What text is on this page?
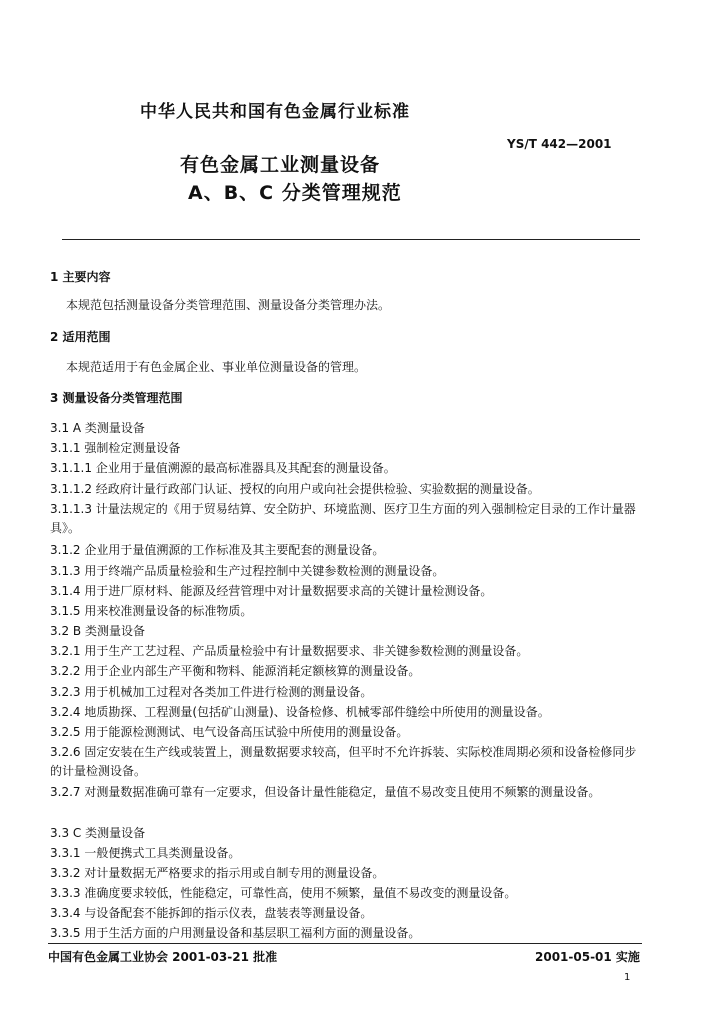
中华人民共和国有色金属行业标准
YS/T 442—2001
有色金属工业测量设备
A、B、C 分类管理规范
1 主要内容
本规范包括测量设备分类管理范围、测量设备分类管理办法。
2 适用范围
本规范适用于有色金属企业、事业单位测量设备的管理。
3 测量设备分类管理范围
3.1 A 类测量设备
3.1.1 强制检定测量设备
3.1.1.1 企业用于量值溯源的最高标准器具及其配套的测量设备。
3.1.1.2 经政府计量行政部门认证、授权的向用户或向社会提供检验、实验数据的测量设备。
3.1.1.3 计量法规定的《用于贸易结算、安全防护、环境监测、医疗卫生方面的列入强制检定目录的工作计量器具》。
3.1.2 企业用于量值溯源的工作标准及其主要配套的测量设备。
3.1.3 用于终端产品质量检验和生产过程控制中关键参数检测的测量设备。
3.1.4 用于进厂原材料、能源及经营管理中对计量数据要求高的关键计量检测设备。
3.1.5 用来校准测量设备的标准物质。
3.2 B 类测量设备
3.2.1 用于生产工艺过程、产品质量检验中有计量数据要求、非关键参数检测的测量设备。
3.2.2 用于企业内部生产平衡和物料、能源消耗定额核算的测量设备。
3.2.3 用于机械加工过程对各类加工件进行检测的测量设备。
3.2.4 地质勘探、工程测量(包括矿山测量)、设备检修、机械零部件缝绘中所使用的测量设备。
3.2.5 用于能源检测测试、电气设备高压试验中所使用的测量设备。
3.2.6 固定安装在生产线或装置上，测量数据要求较高，但平时不允许拆装、实际校准周期必须和设备检修同步的计量检测设备。
3.2.7 对测量数据准确可靠有一定要求，但设备计量性能稳定，量值不易改变且使用不频繁的测量设备。
3.3 C 类测量设备
3.3.1 一般便携式工具类测量设备。
3.3.2 对计量数据无严格要求的指示用或自制专用的测量设备。
3.3.3 准确度要求较低，性能稳定，可靠性高，使用不频繁，量值不易改变的测量设备。
3.3.4 与设备配套不能拆卸的指示仪表，盘装表等测量设备。
3.3.5 用于生活方面的户用测量设备和基层职工福利方面的测量设备。
中国有色金属工业协会 2001-03-21 批准	2001-05-01 实施
1
